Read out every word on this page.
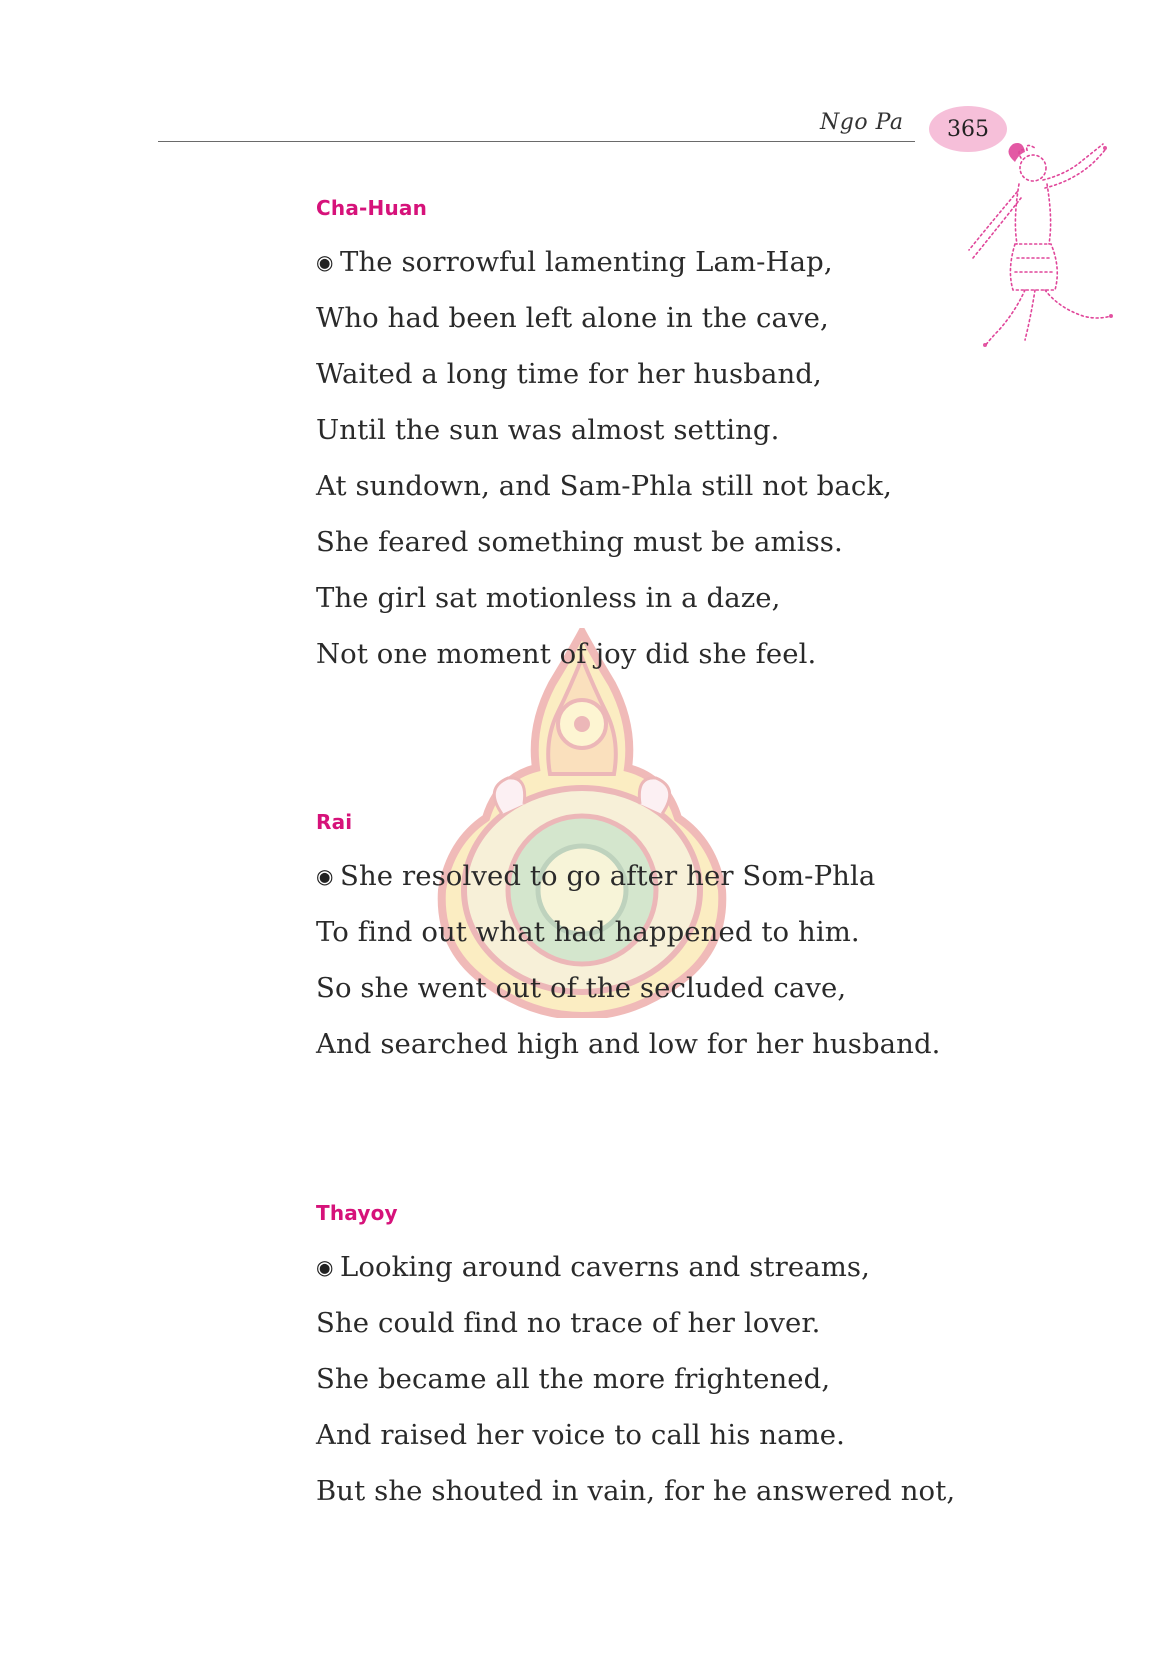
Ngo Pa 365
Cha-Huan
◉ The sorrowful lamenting Lam-Hap,
Who had been left alone in the cave,
Waited a long time for her husband,
Until the sun was almost setting.
At sundown, and Sam-Phla still not back,
She feared something must be amiss.
The girl sat motionless in a daze,
Not one moment of joy did she feel.
Rai
◉ She resolved to go after her Som-Phla
To find out what had happened to him.
So she went out of the secluded cave,
And searched high and low for her husband.
Thayoy
◉ Looking around caverns and streams,
She could find no trace of her lover.
She became all the more frightened,
And raised her voice to call his name.
But she shouted in vain, for he answered not,
